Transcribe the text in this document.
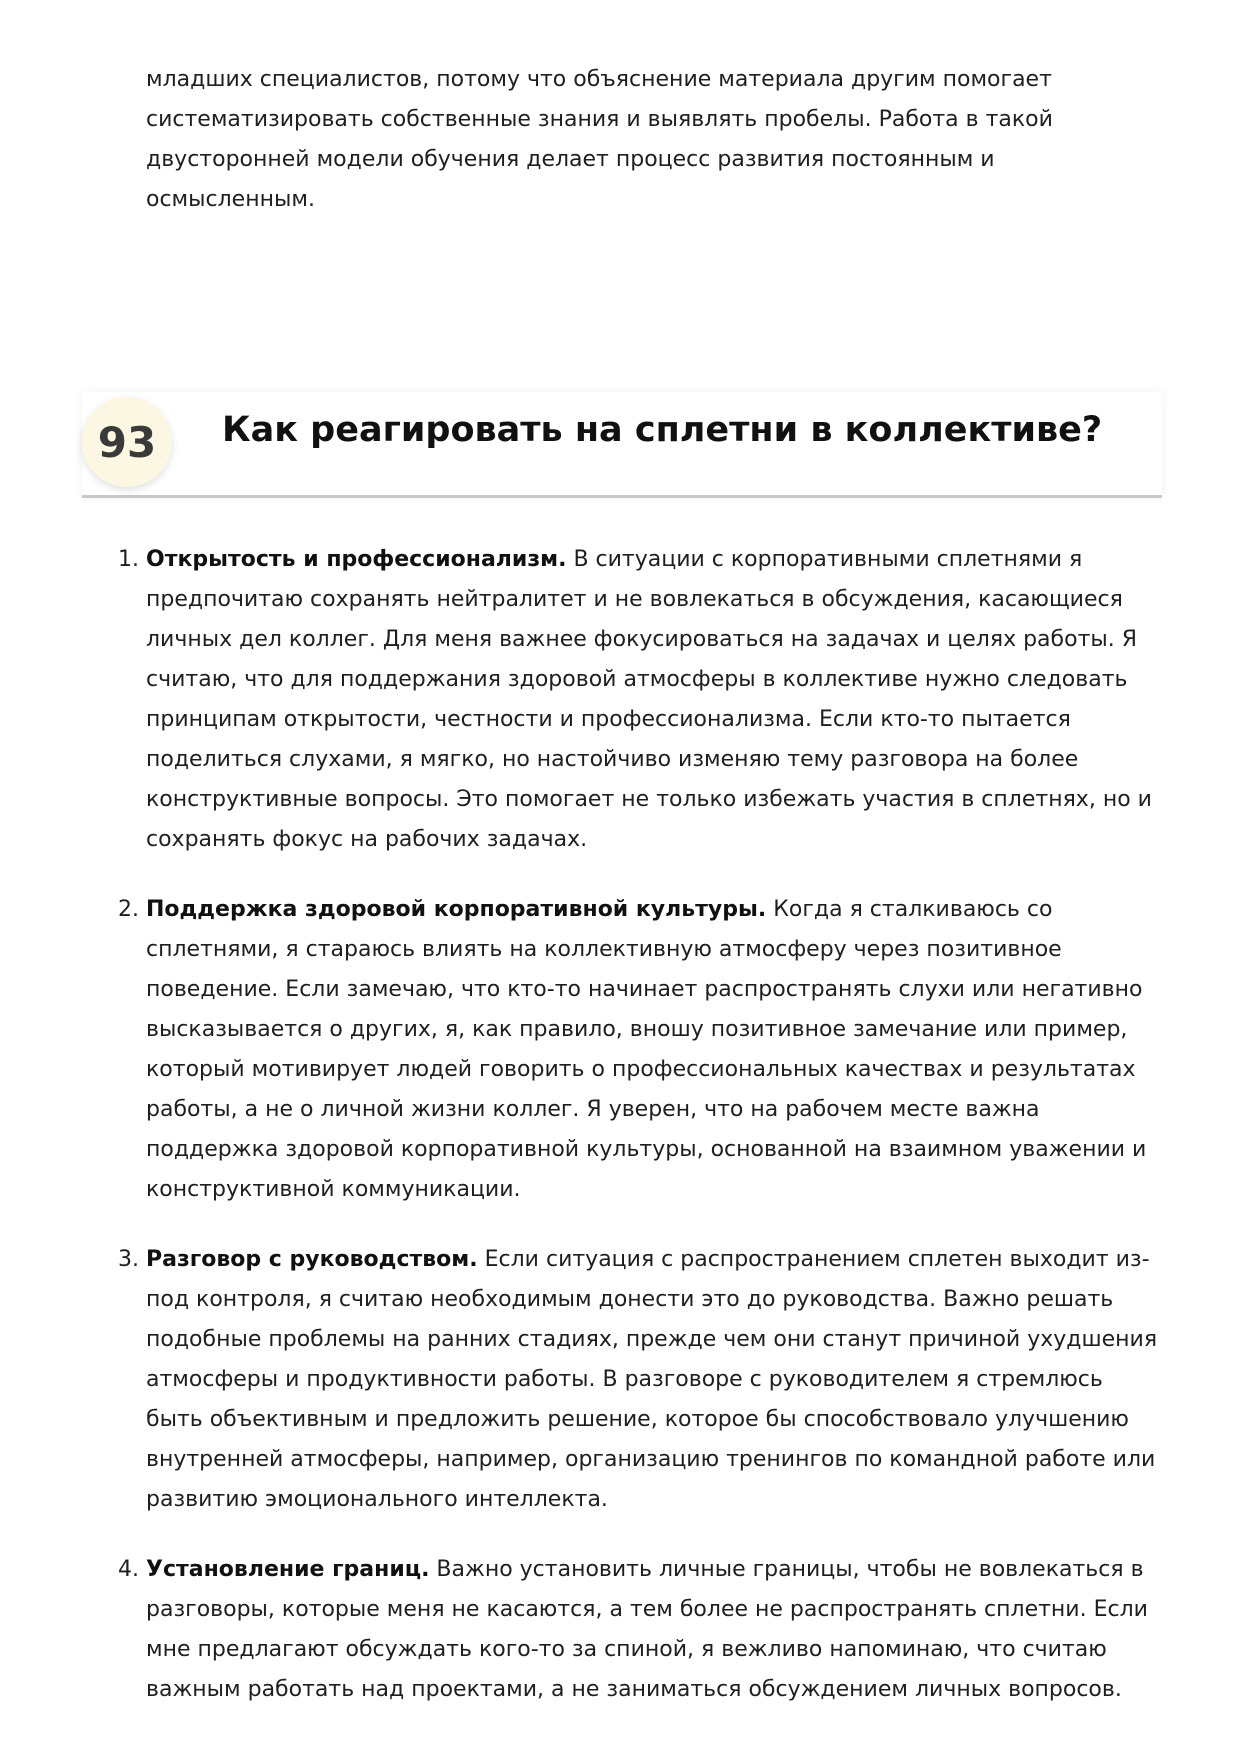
младших специалистов, потому что объяснение материала другим помогает систематизировать собственные знания и выявлять пробелы. Работа в такой двусторонней модели обучения делает процесс развития постоянным и осмысленным.

93	Как реагировать на сплетни в коллективе?
1. Открытость и профессионализм. В ситуации с корпоративными сплетнями я предпочитаю сохранять нейтралитет и не вовлекаться в обсуждения, касающиеся личных дел коллег. Для меня важнее фокусироваться на задачах и целях работы. Я считаю, что для поддержания здоровой атмосферы в коллективе нужно следовать принципам открытости, честности и профессионализма. Если кто-то пытается поделиться слухами, я мягко, но настойчиво изменяю тему разговора на более конструктивные вопросы. Это помогает не только избежать участия в сплетнях, но и сохранять фокус на рабочих задачах.
2. Поддержка здоровой корпоративной культуры. Когда я сталкиваюсь со сплетнями, я стараюсь влиять на коллективную атмосферу через позитивное поведение. Если замечаю, что кто-то начинает распространять слухи или негативно высказывается о других, я, как правило, вношу позитивное замечание или пример, который мотивирует людей говорить о профессиональных качествах и результатах работы, а не о личной жизни коллег. Я уверен, что на рабочем месте важна поддержка здоровой корпоративной культуры, основанной на взаимном уважении и конструктивной коммуникации.
3. Разговор с руководством. Если ситуация с распространением сплетен выходит из-под контроля, я считаю необходимым донести это до руководства. Важно решать подобные проблемы на ранних стадиях, прежде чем они станут причиной ухудшения атмосферы и продуктивности работы. В разговоре с руководителем я стремлюсь быть объективным и предложить решение, которое бы способствовало улучшению внутренней атмосферы, например, организацию тренингов по командной работе или развитию эмоционального интеллекта.
4. Установление границ. Важно установить личные границы, чтобы не вовлекаться в разговоры, которые меня не касаются, а тем более не распространять сплетни. Если мне предлагают обсуждать кого-то за спиной, я вежливо напоминаю, что считаю важным работать над проектами, а не заниматься обсуждением личных вопросов.
